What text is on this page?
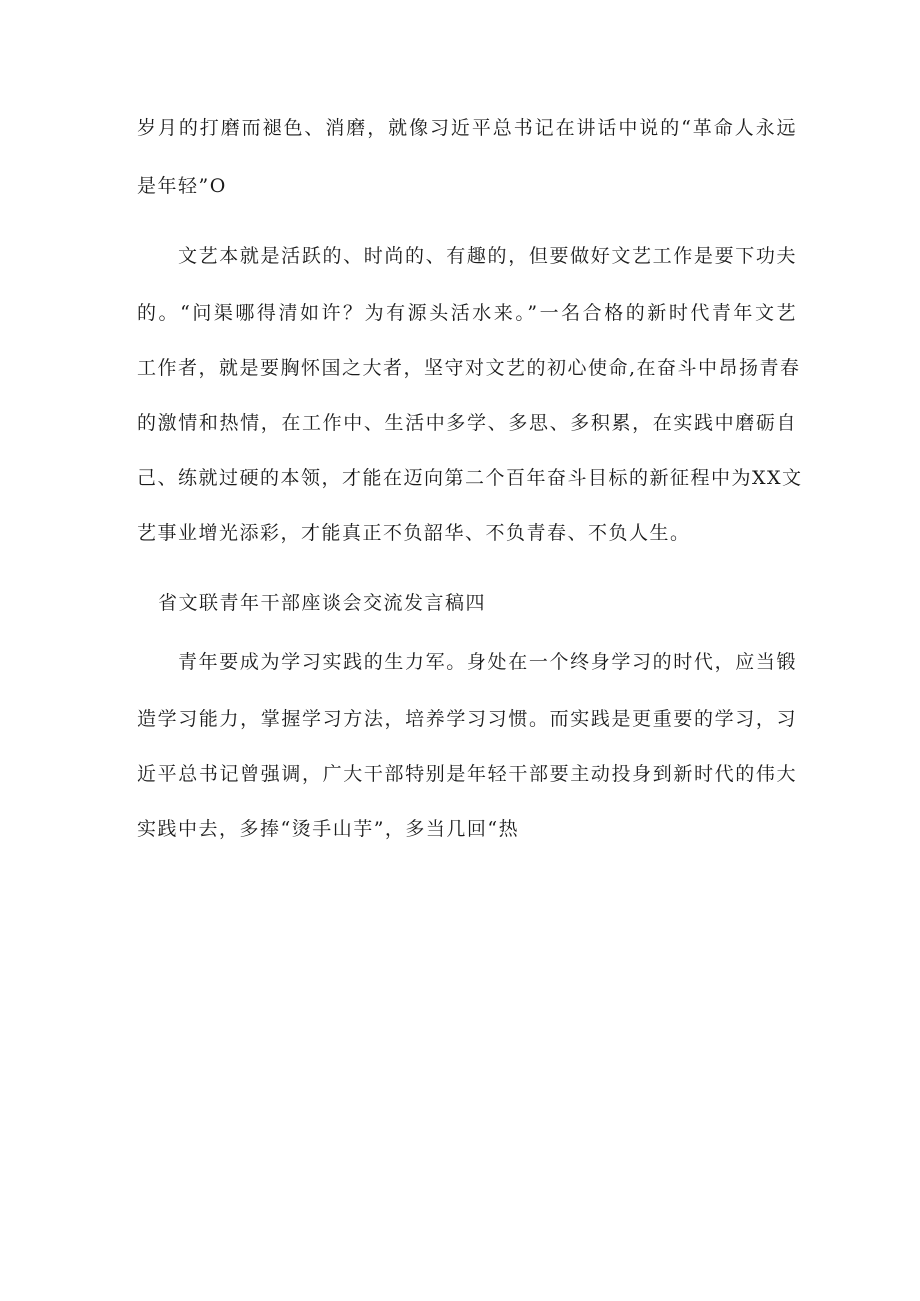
岁月的打磨而褪色、消磨，就像习近平总书记在讲话中说的“革命人永远
是年轻”O
文艺本就是活跃的、时尚的、有趣的，但要做好文艺工作是要下功夫
的。“问渠哪得清如许？为有源头活水来。”一名合格的新时代青年文艺
工作者，就是要胸怀国之大者，坚守对文艺的初心使命,在奋斗中昂扬青春
的激情和热情，在工作中、生活中多学、多思、多积累，在实践中磨砺自
己、练就过硬的本领，才能在迈向第二个百年奋斗目标的新征程中为XX文
艺事业增光添彩，才能真正不负韶华、不负青春、不负人生。
省文联青年干部座谈会交流发言稿四
青年要成为学习实践的生力军。身处在一个终身学习的时代，应当锻
造学习能力，掌握学习方法，培养学习习惯。而实践是更重要的学习，习
近平总书记曾强调，广大干部特别是年轻干部要主动投身到新时代的伟大
实践中去，多捧“烫手山芋”，多当几回“热
